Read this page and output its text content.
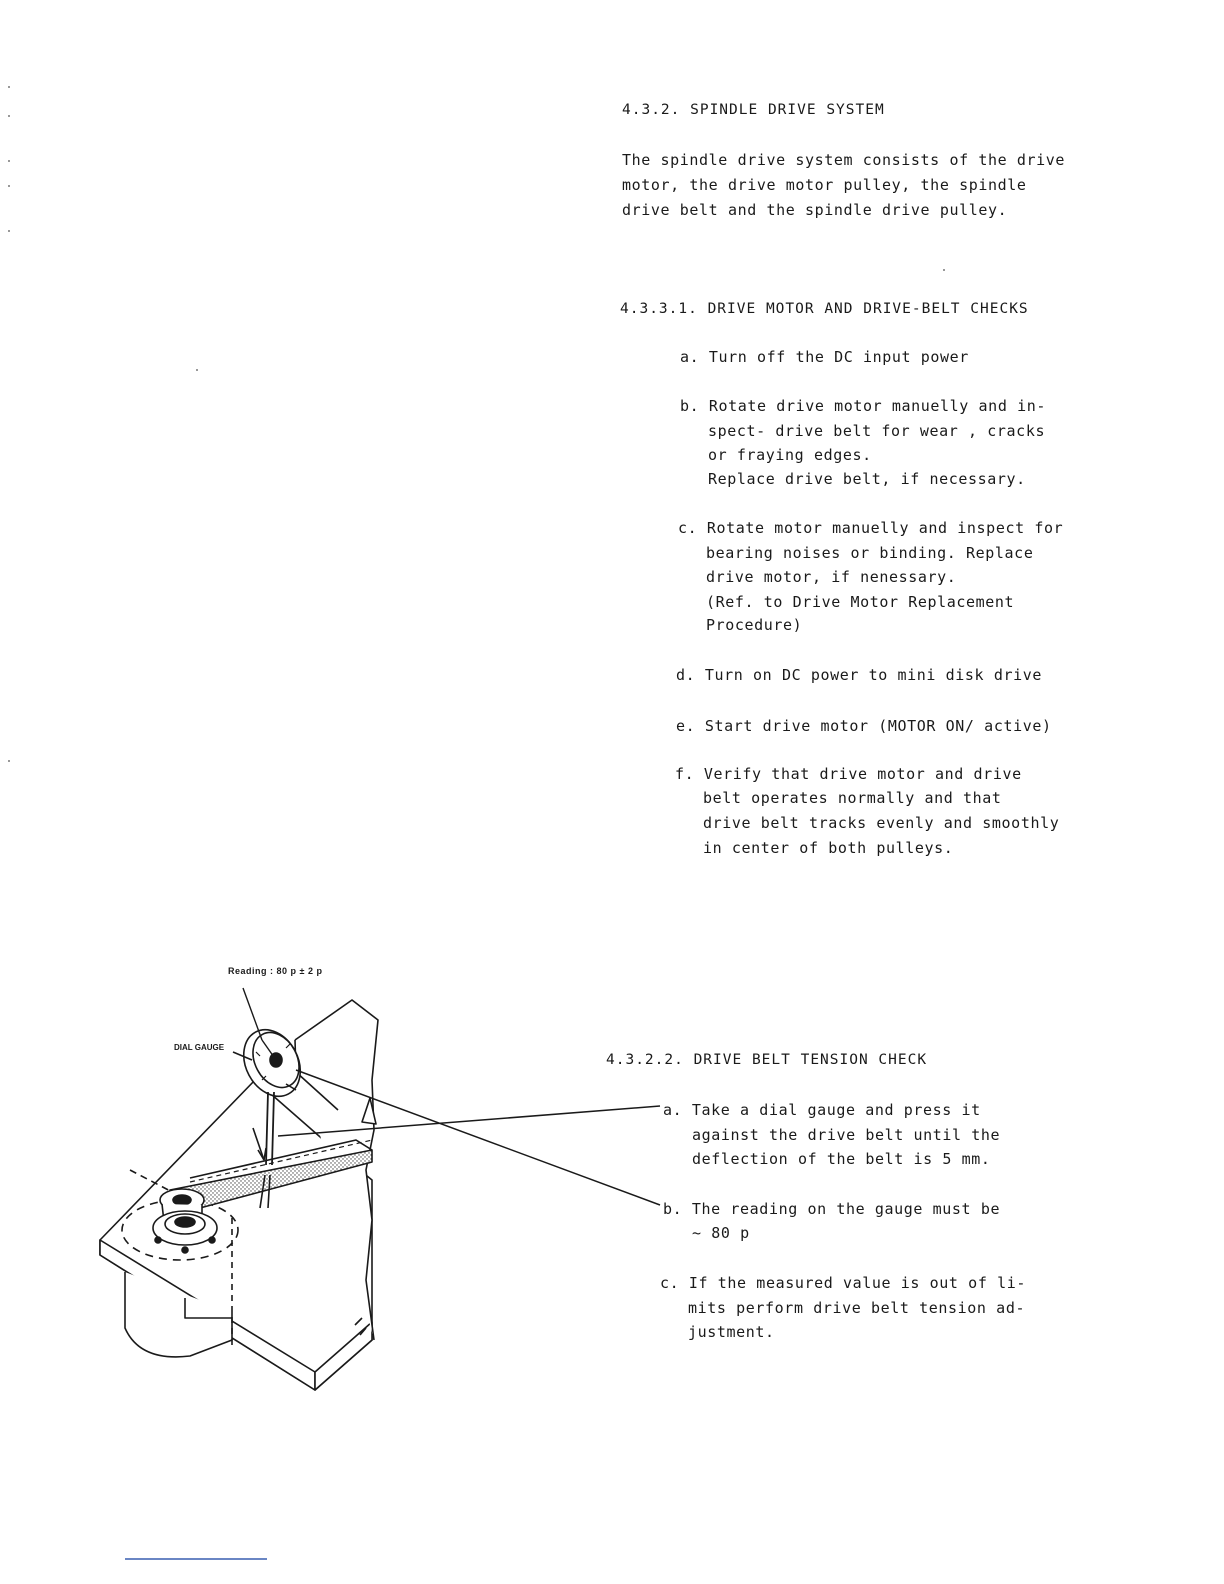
4.3.2. SPINDLE DRIVE SYSTEM
The spindle drive system consists of the drive
motor, the drive motor pulley, the spindle
drive belt and the spindle drive pulley.
4.3.3.1. DRIVE MOTOR AND DRIVE-BELT CHECKS
a. Turn off the DC input power
b. Rotate drive motor manuelly and in-
spect- drive belt for wear , cracks
or fraying edges.
Replace drive belt, if necessary.
c. Rotate motor manuelly and inspect for
bearing noises or binding. Replace
drive motor, if nenessary.
(Ref. to Drive Motor Replacement
Procedure)
d. Turn on DC power to mini disk drive
e. Start drive motor (MOTOR ON/ active)
f. Verify that drive motor and drive
belt operates normally and that
drive belt tracks evenly and smoothly
in center of both pulleys.
4.3.2.2. DRIVE BELT TENSION CHECK
a. Take a dial gauge and press it
against the drive belt until the
deflection of the belt is 5 mm.
b. The reading on the gauge must be
~ 80 p
c. If the measured value is out of li-
mits perform drive belt tension ad-
justment.
Reading : 80 p ± 2 p
DIAL GAUGE
